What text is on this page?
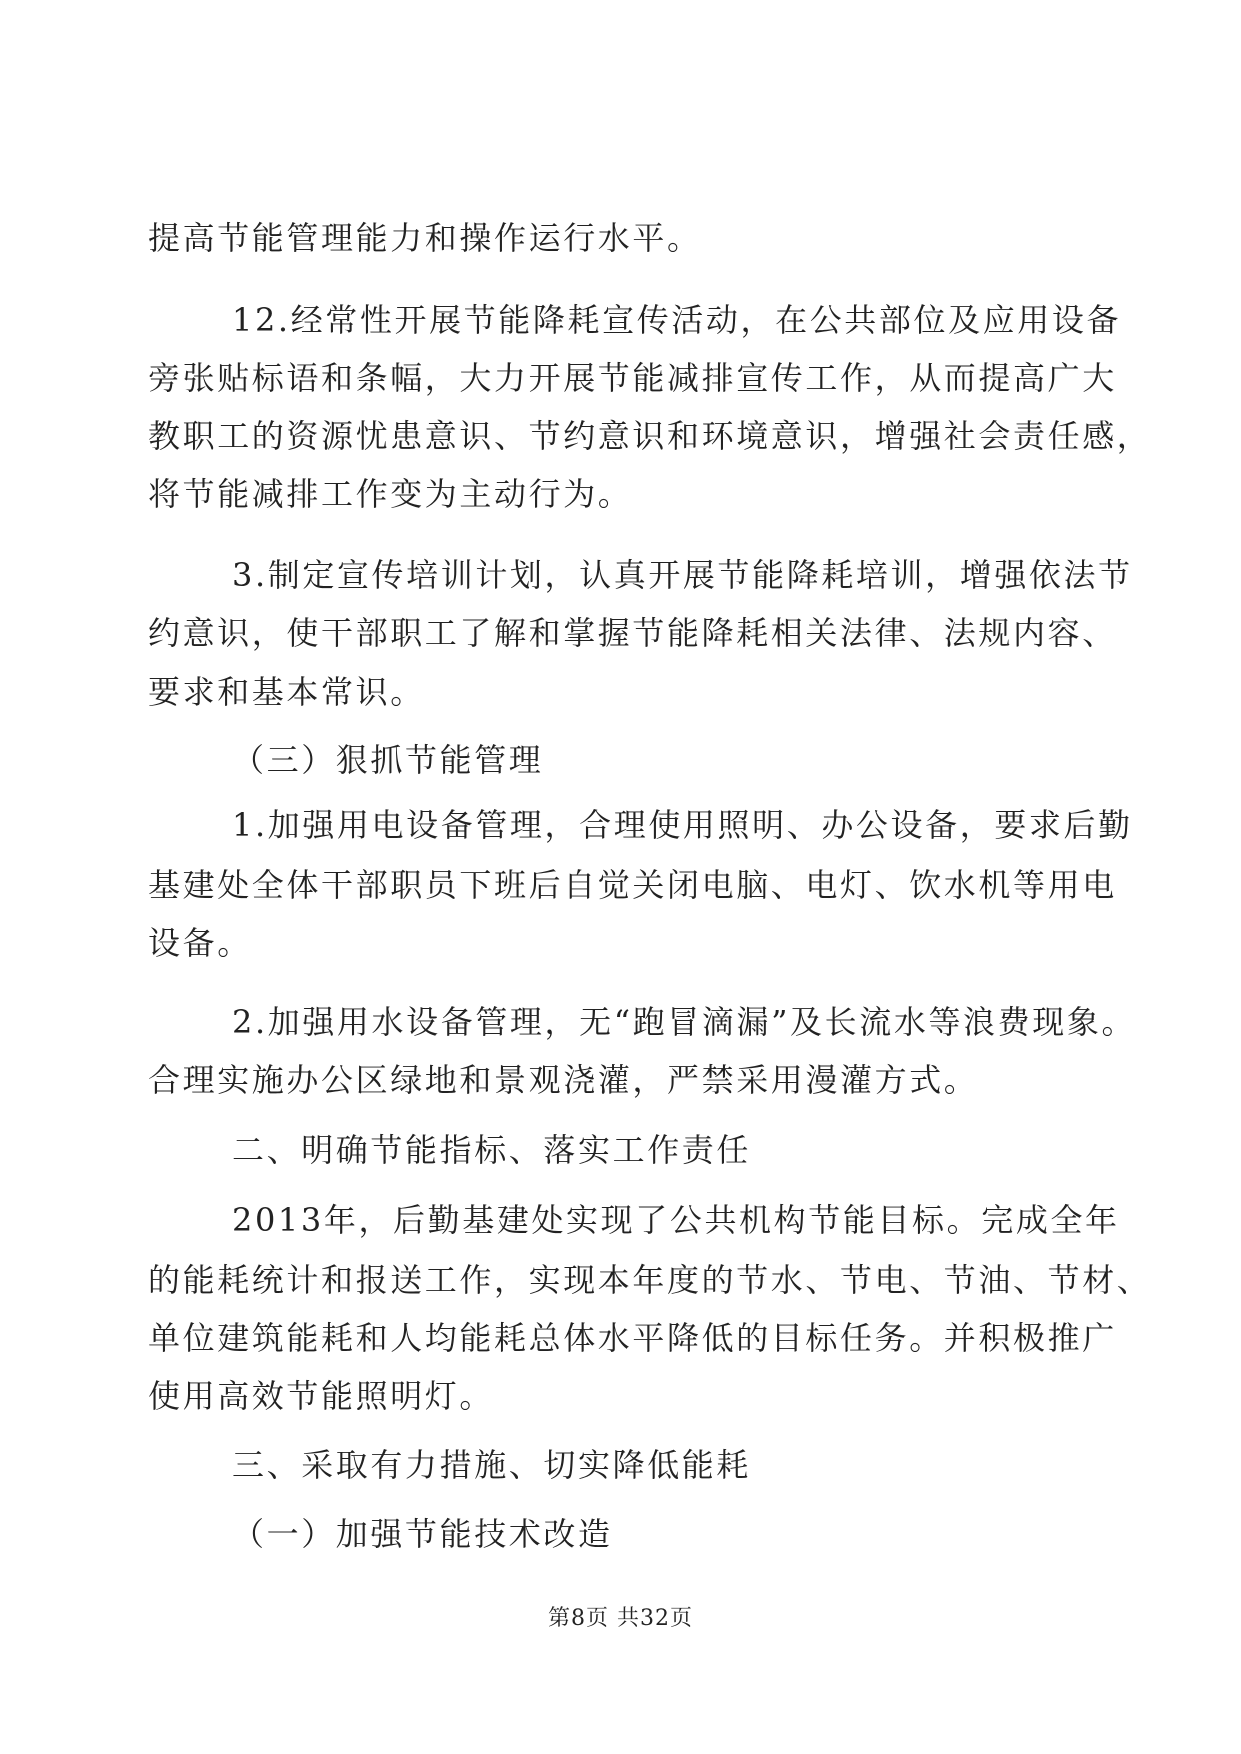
提高节能管理能力和操作运行水平。
12.经常性开展节能降耗宣传活动，在公共部位及应用设备
旁张贴标语和条幅，大力开展节能减排宣传工作，从而提高广大
教职工的资源忧患意识、节约意识和环境意识，增强社会责任感，
将节能减排工作变为主动行为。
3.制定宣传培训计划，认真开展节能降耗培训，增强依法节
约意识，使干部职工了解和掌握节能降耗相关法律、法规内容、
要求和基本常识。
（三）狠抓节能管理
1.加强用电设备管理，合理使用照明、办公设备，要求后勤
基建处全体干部职员下班后自觉关闭电脑、电灯、饮水机等用电
设备。
2.加强用水设备管理，无“跑冒滴漏”及长流水等浪费现象。
合理实施办公区绿地和景观浇灌，严禁采用漫灌方式。
二、明确节能指标、落实工作责任
2013年，后勤基建处实现了公共机构节能目标。完成全年
的能耗统计和报送工作，实现本年度的节水、节电、节油、节材、
单位建筑能耗和人均能耗总体水平降低的目标任务。并积极推广
使用高效节能照明灯。
三、采取有力措施、切实降低能耗
（一）加强节能技术改造
第8页 共32页
